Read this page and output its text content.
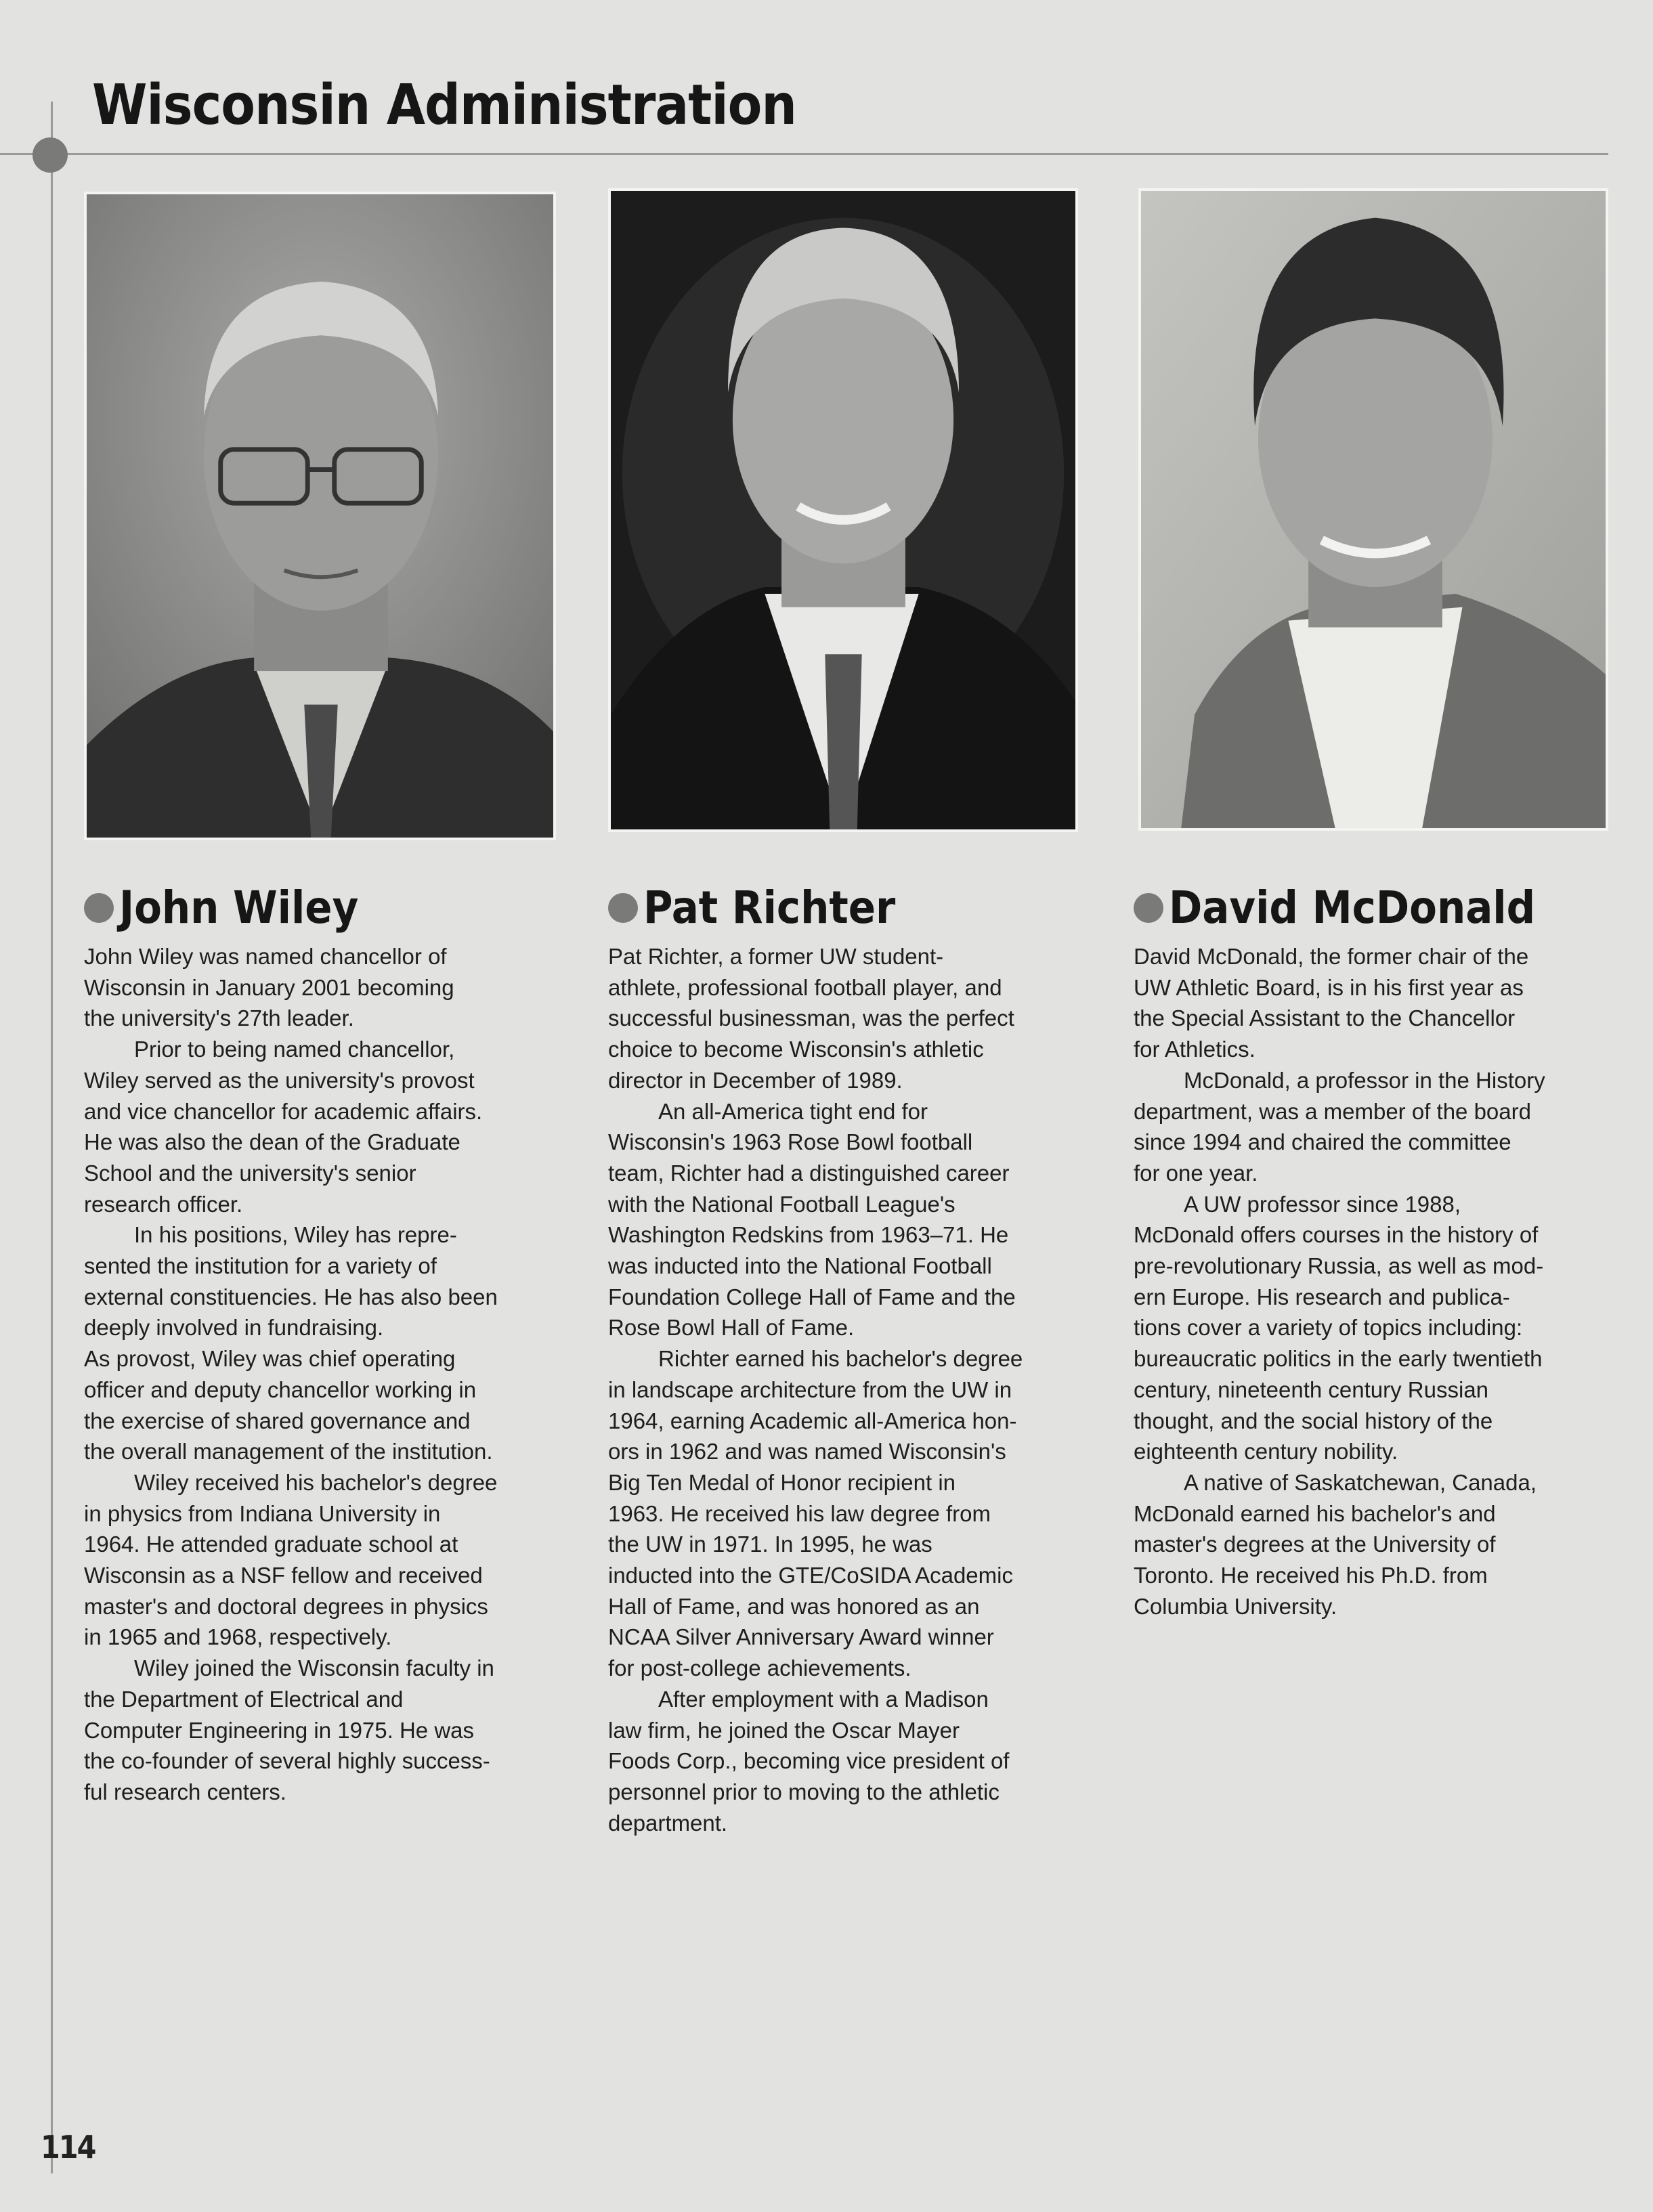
Wisconsin Administration
John Wiley

John Wiley was named chancellor of

Wisconsin in January 2001 becoming

the university's 27th leader.

Prior to being named chancellor,

Wiley served as the university's provost

and vice chancellor for academic affairs.

He was also the dean of the Graduate

School and the university's senior

research officer.

In his positions, Wiley has repre-

sented the institution for a variety of

external constituencies. He has also been

deeply involved in fundraising.

As provost, Wiley was chief operating

officer and deputy chancellor working in

the exercise of shared governance and

the overall management of the institution.

Wiley received his bachelor's degree

in physics from Indiana University in

1964. He attended graduate school at

Wisconsin as a NSF fellow and received

master's and doctoral degrees in physics

in 1965 and 1968, respectively.

Wiley joined the Wisconsin faculty in

the Department of Electrical and

Computer Engineering in 1975. He was

the co-founder of several highly success-

ful research centers.

Pat Richter

Pat Richter, a former UW student-

athlete, professional football player, and

successful businessman, was the perfect

choice to become Wisconsin's athletic

director in December of 1989.

An all-America tight end for

Wisconsin's 1963 Rose Bowl football

team, Richter had a distinguished career

with the National Football League's

Washington Redskins from 1963–71. He

was inducted into the National Football

Foundation College Hall of Fame and the

Rose Bowl Hall of Fame.

Richter earned his bachelor's degree

in landscape architecture from the UW in

1964, earning Academic all-America hon-

ors in 1962 and was named Wisconsin's

Big Ten Medal of Honor recipient in

1963. He received his law degree from

the UW in 1971. In 1995, he was

inducted into the GTE/CoSIDA Academic

Hall of Fame, and was honored as an

NCAA Silver Anniversary Award winner

for post-college achievements.

After employment with a Madison

law firm, he joined the Oscar Mayer

Foods Corp., becoming vice president of

personnel prior to moving to the athletic

department.

David McDonald

David McDonald, the former chair of the

UW Athletic Board, is in his first year as

the Special Assistant to the Chancellor

for Athletics.

McDonald, a professor in the History

department, was a member of the board

since 1994 and chaired the committee

for one year.

A UW professor since 1988,

McDonald offers courses in the history of

pre-revolutionary Russia, as well as mod-

ern Europe. His research and publica-

tions cover a variety of topics including:

bureaucratic politics in the early twentieth

century, nineteenth century Russian

thought, and the social history of the

eighteenth century nobility.

A native of Saskatchewan, Canada,

McDonald earned his bachelor's and

master's degrees at the University of

Toronto. He received his Ph.D. from

Columbia University.

114
